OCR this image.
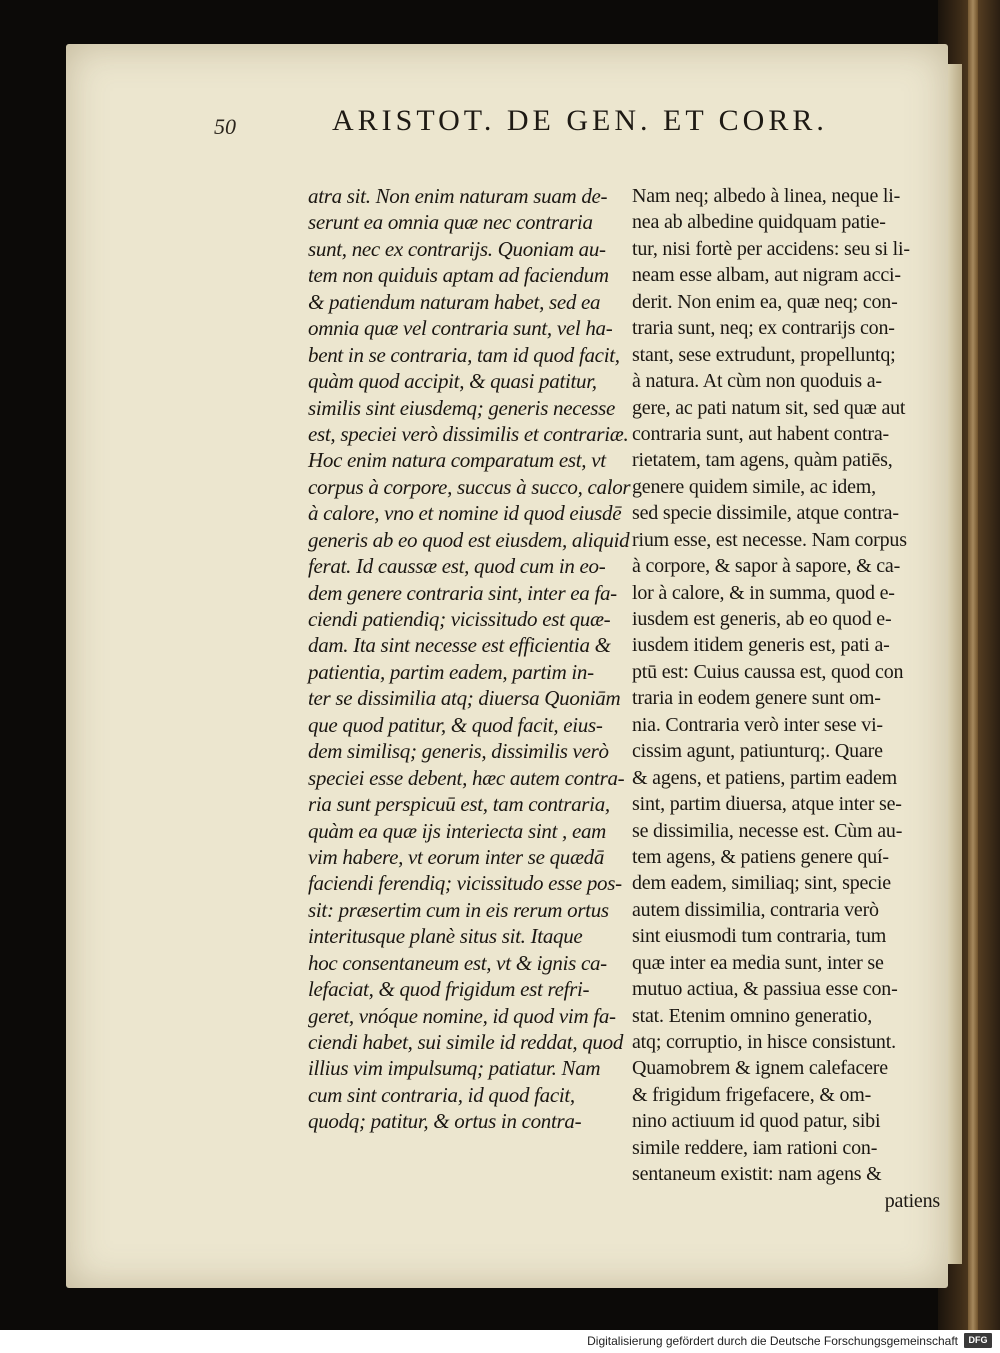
50	ARISTOT. DE GEN. ET CORR.
atra sit. Non enim naturam suam de-
serunt ea omnia quæ nec contraria
sunt, nec ex contrarijs. Quoniam au-
tem non quiduis aptam ad faciendum
& patiendum naturam habet, sed ea
omnia quæ vel contraria sunt, vel ha-
bent in se contraria, tam id quod facit,
quàm quod accipit, & quasi patitur,
similis sint eiusdemq; generis necesse
est, speciei verò dissimilis et contrariæ.
Hoc enim natura comparatum est, vt
corpus à corpore, succus à succo, calor
à calore, vno et nomine id quod eiusdē
generis ab eo quod est eiusdem, aliquid
ferat. Id caussæ est, quod cum in eo-
dem genere contraria sint, inter ea fa-
ciendi patiendiq; vicissitudo est quæ-
dam. Ita sint necesse est efficientia &
patientia, partim eadem, partim in-
ter se dissimilia atq; diuersa Quoniām
que quod patitur, & quod facit, eius-
dem similisq; generis, dissimilis verò
speciei esse debent, hæc autem contra-
ria sunt perspicuū est, tam contraria,
quàm ea quæ ijs interiecta sint , eam
vim habere, vt eorum inter se quædā
faciendi ferendiq; vicissitudo esse pos-
sit: præsertim cum in eis rerum ortus
interitusque planè situs sit. Itaque
hoc consentaneum est, vt & ignis ca-
lefaciat, & quod frigidum est refri-
geret, vnóque nomine, id quod vim fa-
ciendi habet, sui simile id reddat, quod
illius vim impulsumq; patiatur. Nam
cum sint contraria, id quod facit,
quodq; patitur, & ortus in contra-
Nam neq; albedo à linea, neque li-
nea ab albedine quidquam patie-
tur, nisi fortè per accidens: seu si li-
neam esse albam, aut nigram acci-
derit. Non enim ea, quæ neq; con-
traria sunt, neq; ex contrarijs con-
stant, sese extrudunt, propelluntq;
à natura. At cùm non quoduis a-
gere, ac pati natum sit, sed quæ aut
contraria sunt, aut habent contra-
rietatem, tam agens, quàm patiēs,
genere quidem simile, ac idem,
sed specie dissimile, atque contra-
rium esse, est necesse. Nam corpus
à corpore, & sapor à sapore, & ca-
lor à calore, & in summa, quod e-
iusdem est generis, ab eo quod e-
iusdem itidem generis est, pati a-
ptū est: Cuius caussa est, quod con
traria in eodem genere sunt om-
nia. Contraria verò inter sese vi-
cissim agunt, patiunturq;. Quare
& agens, et patiens, partim eadem
sint, partim diuersa, atque inter se-
se dissimilia, necesse est. Cùm au-
tem agens, & patiens genere quí-
dem eadem, similiaq; sint, specie
autem dissimilia, contraria verò
sint eiusmodi tum contraria, tum
quæ inter ea media sunt, inter se
mutuo actiua, & passiua esse con-
stat. Etenim omnino generatio,
atq; corruptio, in hisce consistunt.
Quamobrem & ignem calefacere
& frigidum frigefacere, & om-
nino actiuum id quod patur, sibi
simile reddere, iam rationi con-
sentaneum existit: nam agens &
patiens
Digitalisierung gefördert durch die Deutsche Forschungsgemeinschaft	DFG
